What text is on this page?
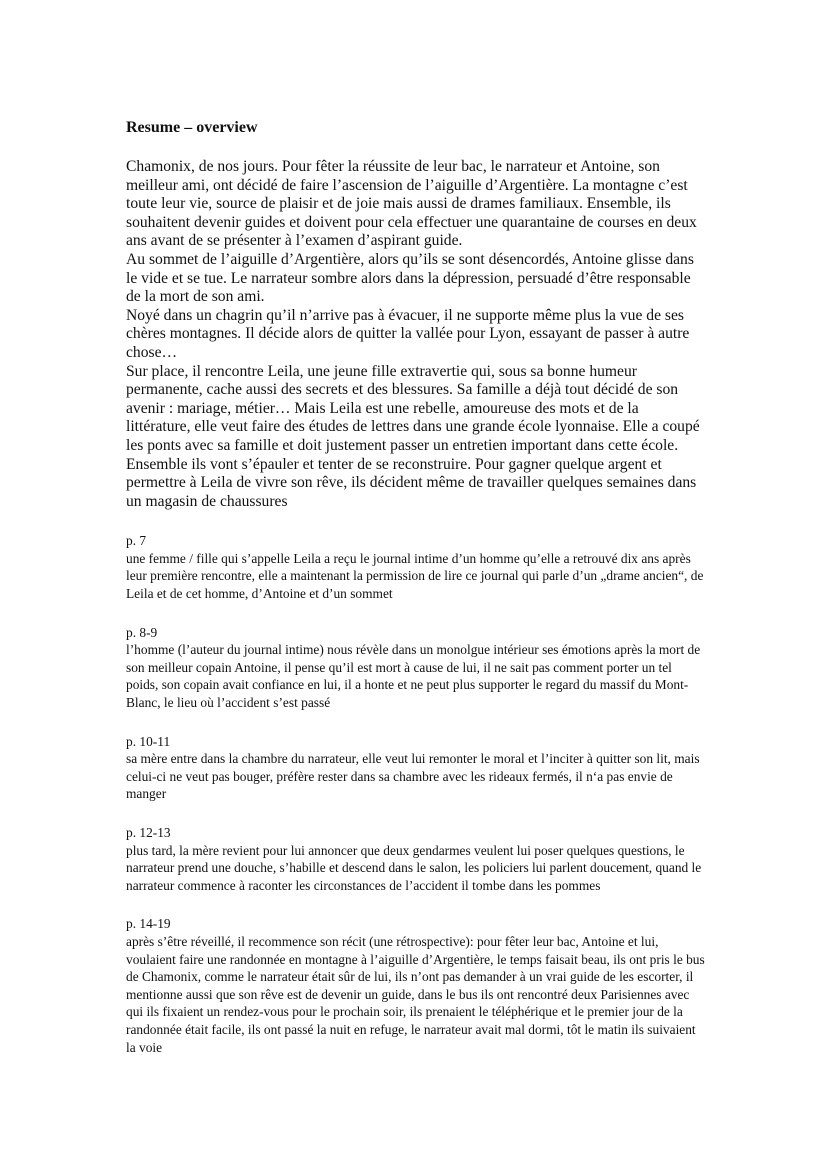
Resume – overview

Chamonix, de nos jours. Pour fêter la réussite de leur bac, le narrateur et Antoine, son meilleur ami, ont décidé de faire l’ascension de l’aiguille d’Argentière. La montagne c’est toute leur vie, source de plaisir et de joie mais aussi de drames familiaux. Ensemble, ils souhaitent devenir guides et doivent pour cela effectuer une quarantaine de courses en deux ans avant de se présenter à l’examen d’aspirant guide.

Au sommet de l’aiguille d’Argentière, alors qu’ils se sont désencordés, Antoine glisse dans le vide et se tue. Le narrateur sombre alors dans la dépression, persuadé d’être responsable de la mort de son ami.

Noyé dans un chagrin qu’il n’arrive pas à évacuer, il ne supporte même plus la vue de ses chères montagnes. Il décide alors de quitter la vallée pour Lyon, essayant de passer à autre chose…

Sur place, il rencontre Leila, une jeune fille extravertie qui, sous sa bonne humeur permanente, cache aussi des secrets et des blessures. Sa famille a déjà tout décidé de son avenir : mariage, métier… Mais Leila est une rebelle, amoureuse des mots et de la littérature, elle veut faire des études de lettres dans une grande école lyonnaise. Elle a coupé les ponts avec sa famille et doit justement passer un entretien important dans cette école. Ensemble ils vont s’épauler et tenter de se reconstruire. Pour gagner quelque argent et permettre à Leila de vivre son rêve, ils décident même de travailler quelques semaines dans un magasin de chaussures

p. 7

une femme / fille qui s’appelle Leila a reçu le journal intime d’un homme qu’elle a retrouvé dix ans après leur première rencontre, elle a maintenant la permission de lire ce journal qui parle d’un „drame ancien“, de Leila et de cet homme, d’Antoine et d’un sommet

p. 8-9

l’homme (l’auteur du journal intime) nous révèle dans un monolgue intérieur ses émotions après la mort de son meilleur copain Antoine, il pense qu’il est mort à cause de lui, il ne sait pas comment porter un tel poids, son copain avait confiance en lui, il a honte et ne peut plus supporter le regard du massif du Mont-Blanc, le lieu où l’accident s’est passé

p. 10-11

sa mère entre dans la chambre du narrateur, elle veut lui remonter le moral et l’inciter à quitter son lit, mais celui-ci ne veut pas bouger, préfère rester dans sa chambre avec les rideaux fermés, il n‘a pas envie de manger

p. 12-13

plus tard, la mère revient pour lui annoncer que deux gendarmes veulent lui poser quelques questions, le narrateur prend une douche, s’habille et descend dans le salon, les policiers lui parlent doucement, quand le narrateur commence à raconter les circonstances de l’accident il tombe dans les pommes

p. 14-19

après s’être réveillé, il recommence son récit (une rétrospective): pour fêter leur bac, Antoine et lui, voulaient faire une randonnée en montagne à l’aiguille d’Argentière, le temps faisait beau, ils ont pris le bus de Chamonix, comme le narrateur était sûr de lui, ils n’ont pas demander à un vrai guide de les escorter, il mentionne aussi que son rêve est de devenir un guide, dans le bus ils ont rencontré deux Parisiennes avec qui ils fixaient un rendez-vous pour le prochain soir, ils prenaient le téléphérique et le premier jour de la randonnée était facile, ils ont passé la nuit en refuge, le narrateur avait mal dormi, tôt le matin ils suivaient la voie
